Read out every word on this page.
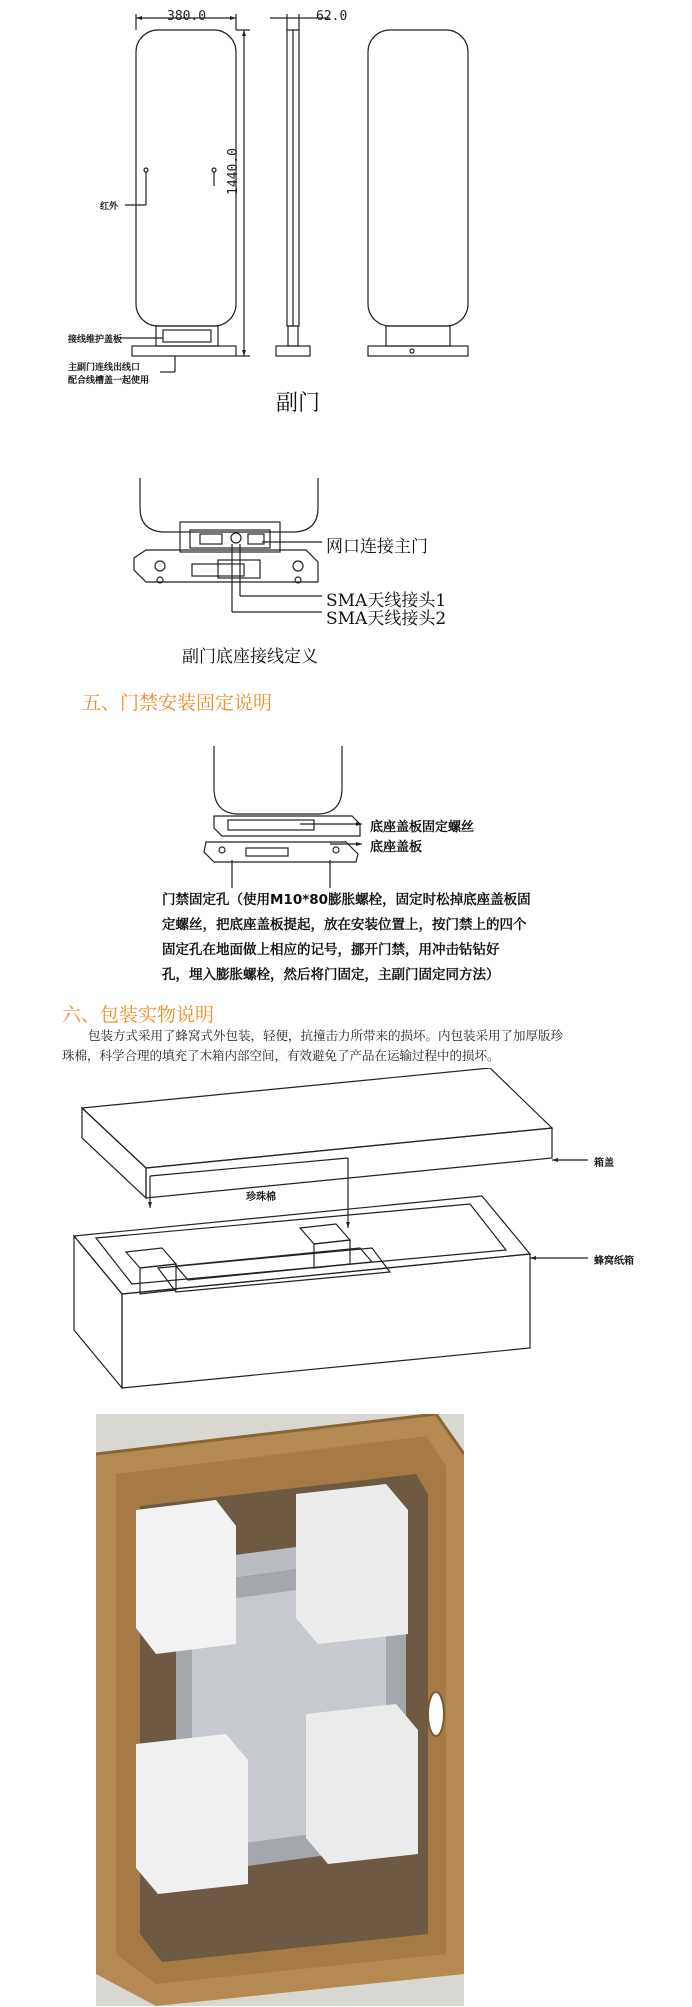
380.0	62.0
1440.0
红外
接线维护盖板
主副门连线出线口
配合线槽盖一起使用
副门
网口连接主门
SMA天线接头1
SMA天线接头2
副门底座接线定义
五、门禁安装固定说明
底座盖板固定螺丝
底座盖板
门禁固定孔（使用M10*80膨胀螺栓，固定时松掉底座盖板固
定螺丝，把底座盖板提起，放在安装位置上，按门禁上的四个
固定孔在地面做上相应的记号，挪开门禁，用冲击钻钻好
孔，埋入膨胀螺栓，然后将门固定，主副门固定同方法）
六、包装实物说明
包装方式采用了蜂窝式外包装，轻便，抗撞击力所带来的损坏。内包装采用了加厚版珍
珠棉，科学合理的填充了木箱内部空间，有效避免了产品在运输过程中的损坏。
箱盖
珍珠棉
蜂窝纸箱
